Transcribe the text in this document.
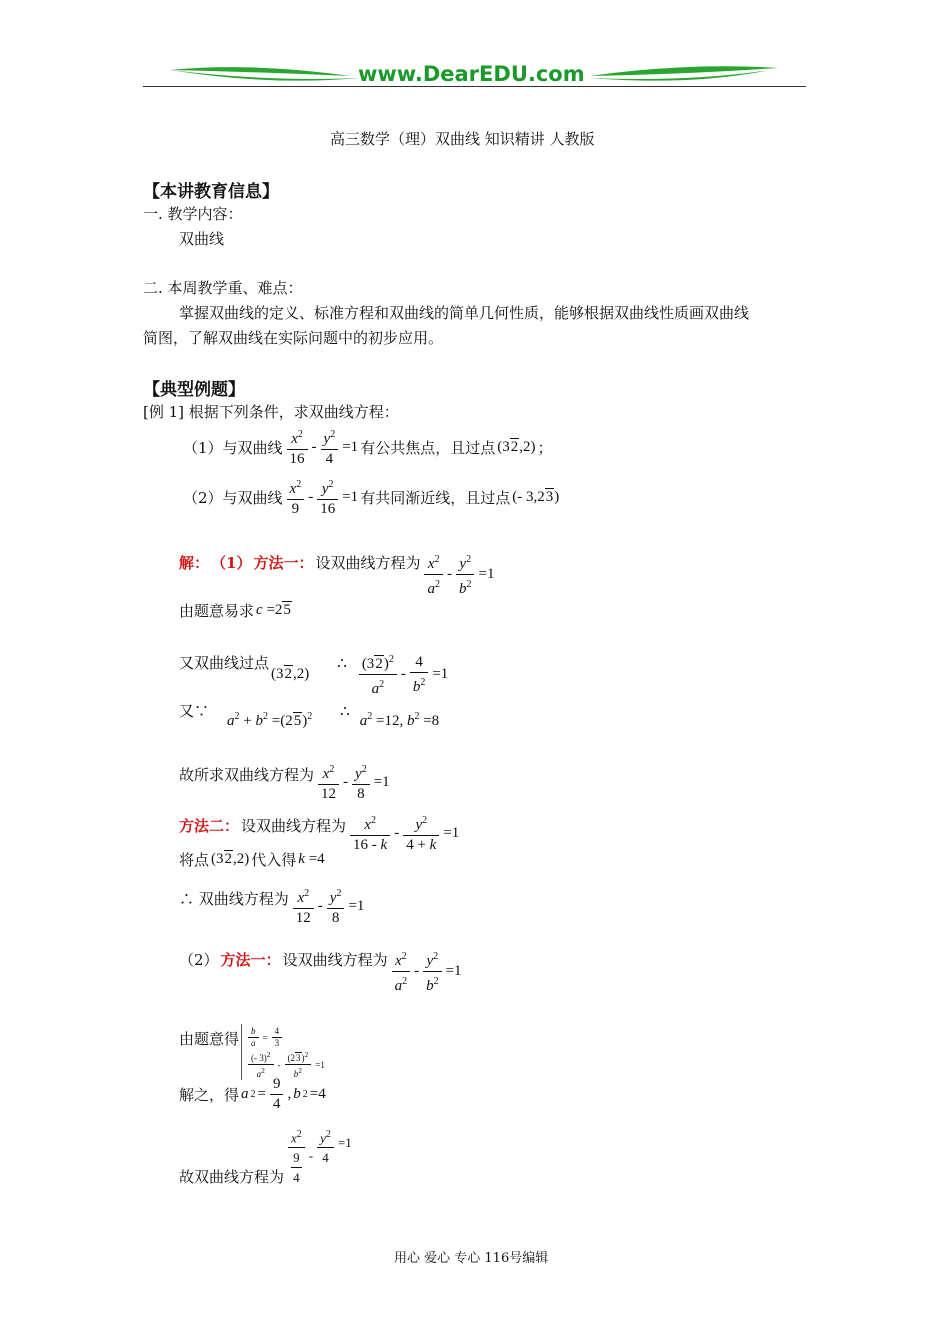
www.DearEDU.com
高三数学（理）双曲线 知识精讲 人教版
【本讲教育信息】
一. 教学内容：
双曲线
二. 本周教学重、难点：
掌握双曲线的定义、标准方程和双曲线的简单几何性质，能够根据双曲线性质画双曲线
简图，了解双曲线在实际问题中的初步应用。
【典型例题】
[例 1] 根据下列条件，求双曲线方程：
（1）与双曲线 $\frac{x^2}{16} - \frac{y^2}{4} =1$ 有公共焦点，且过点 (32,2) ；
（2）与双曲线 $\frac{x^2}{9} - \frac{y^2}{16} =1$ 有共同渐近线，且过点 (- 3,23)
解： （1） 方法一： 设双曲线方程为 $\frac{x^2}{a^2} - \frac{y^2}{b^2} =1$
由题意易求 c =25
又双曲线过点
(32,2)
∴ $\frac{(32)^2}{a^2} - \frac{4}{b^2} =1$
又∵
$a^2 + b^2 =(25)^2$ ∴
$a^2 =12$, $b^2 =8$
故所求双曲线方程为 $\frac{x^2}{12} - \frac{y^2}{8} =1$
方法二： 设双曲线方程为 $\frac{x^2}{16 - k} - \frac{y^2}{4 + k} =1$
将点 (32,2) 代入得 k =4
∴ 双曲线方程为 $\frac{x^2}{12} - \frac{y^2}{8} =1$
（2） 方法一： 设双曲线方程为 $\frac{x^2}{a^2} - \frac{y^2}{b^2} =1$
由题意得 $\frac{b}{a} = \frac{4}{3}$

$\frac{(- 3)^2}{a^2} - \frac{(23)^2}{b^2} =1$
解之，得 a $2 = \frac{9}{4}$ , b 2 =4
故双曲线方程为 $x^2$
9
$4 - \frac{y^2}{4} =1$
用心 爱心 专心 116号编辑
